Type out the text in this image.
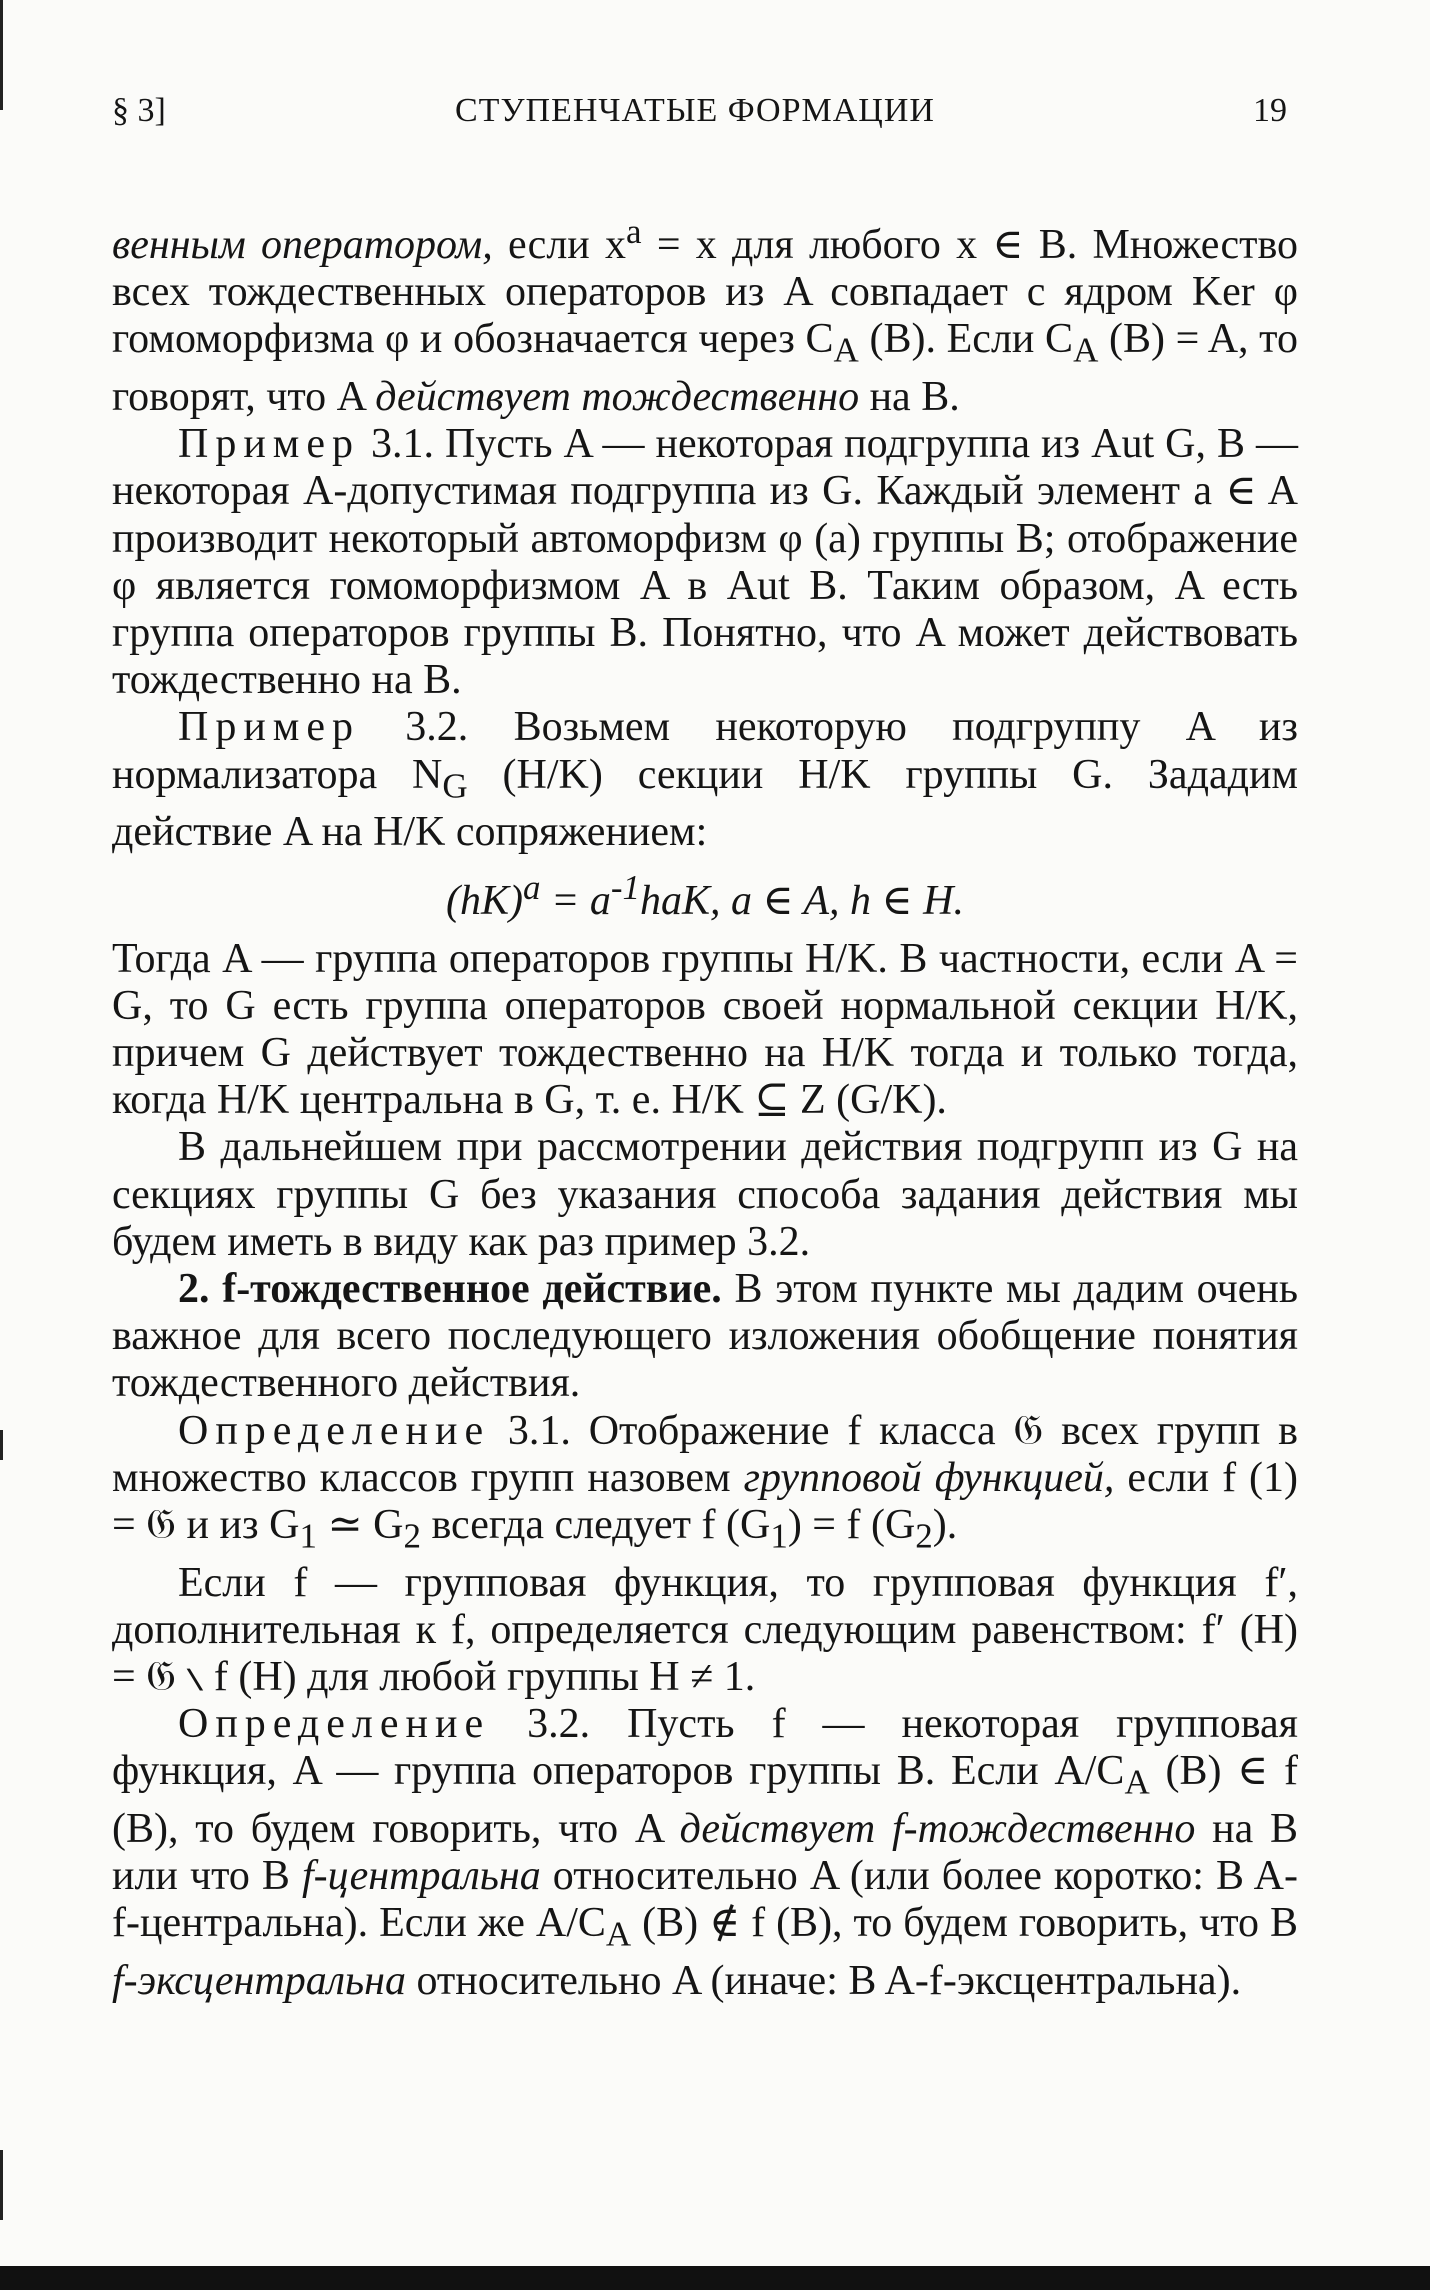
§ 3]	СТУПЕНЧАТЫЕ ФОРМАЦИИ	19

венным оператором, если $x^a = x$ для любого x ∈ B. Множество всех тождественных операторов из A совпадает с ядром Ker φ гомоморфизма φ и обозначается через $C_A$ (B). Если $C_A$ (B) = A, то говорят, что A действует тождественно на B.

Пример 3.1. Пусть A — некоторая подгруппа из Aut G, B — некоторая A-допустимая подгруппа из G. Каждый элемент a ∈ A производит некоторый автоморфизм φ (a) группы B; отображение φ является гомоморфизмом A в Aut B. Таким образом, A есть группа операторов группы B. Понятно, что A может действовать тождественно на B.

Пример 3.2. Возьмем некоторую подгруппу A из нормализатора $N_G$ (H/K) секции H/K группы G. Зададим действие A на H/K сопряжением:

$(hK)^a = a^{-1}haK$, a ∈ A, h ∈ H.

Тогда A — группа операторов группы H/K. В частности, если A = G, то G есть группа операторов своей нормальной секции H/K, причем G действует тождественно на H/K тогда и только тогда, когда H/K центральна в G, т. е. H/K ⊆ Z (G/K).

В дальнейшем при рассмотрении действия подгрупп из G на секциях группы G без указания способа задания действия мы будем иметь в виду как раз пример 3.2.

2. f-тождественное действие. В этом пункте мы дадим очень важное для всего последующего изложения обобщение понятия тождественного действия.

Определение 3.1. Отображение f класса 𝔊 всех групп в множество классов групп назовем групповой функцией, если f (1) = 𝔊 и из $G_1$ ≃ $G_2$ всегда следует f $(G_1) = f$ $(G_2)$.

Если f — групповая функция, то групповая функция f′, дополнительная к f, определяется следующим равенством: f′ (H) = 𝔊 ∖ f (H) для любой группы H ≠ 1.

Определение 3.2. Пусть f — некоторая групповая функция, A — группа операторов группы B. Если $A/C_A$ (B) ∈ f (B), то будем говорить, что A действует f-тождественно на B или что B f-центральна относительно A (или более коротко: B A-f-центральна). Если же $A/C_A$ (B) ∉ f (B), то будем говорить, что B f-эксцентральна относительно A (иначе: B A-f-эксцентральна).
